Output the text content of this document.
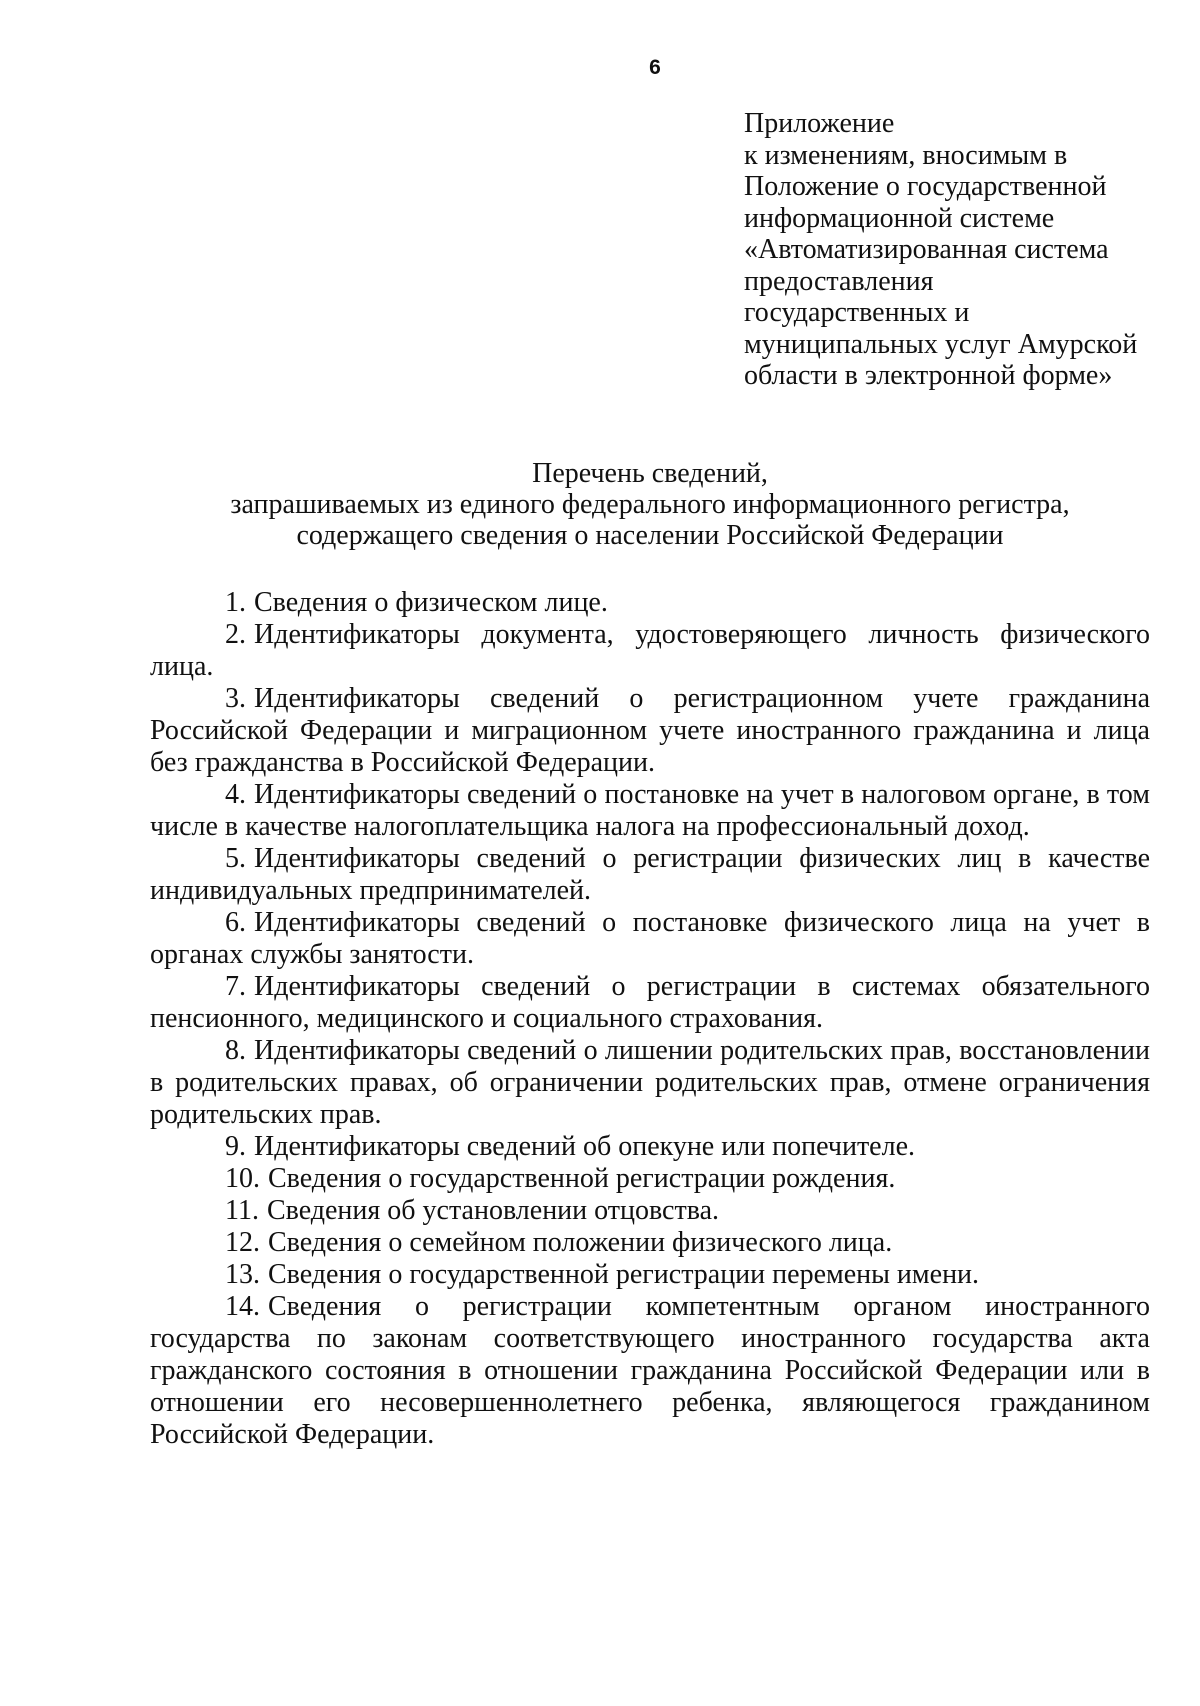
6
Приложение
к изменениям, вносимым в
Положение о государственной
информационной системе
«Автоматизированная система
предоставления
государственных и
муниципальных услуг Амурской
области в электронной форме»
Перечень сведений,
запрашиваемых из единого федерального информационного регистра,
содержащего сведения о населении Российской Федерации

1. Сведения о физическом лице.

2. Идентификаторы документа, удостоверяющего личность физического лица.

3. Идентификаторы сведений о регистрационном учете гражданина Российской Федерации и миграционном учете иностранного гражданина и лица без гражданства в Российской Федерации.

4. Идентификаторы сведений о постановке на учет в налоговом органе, в том числе в качестве налогоплательщика налога на профессиональный доход.

5. Идентификаторы сведений о регистрации физических лиц в качестве индивидуальных предпринимателей.

6. Идентификаторы сведений о постановке физического лица на учет в органах службы занятости.

7. Идентификаторы сведений о регистрации в системах обязательного пенсионного, медицинского и социального страхования.

8. Идентификаторы сведений о лишении родительских прав, восстановлении в родительских правах, об ограничении родительских прав, отмене ограничения родительских прав.

9. Идентификаторы сведений об опекуне или попечителе.

10. Сведения о государственной регистрации рождения.

11. Сведения об установлении отцовства.

12. Сведения о семейном положении физического лица.

13. Сведения о государственной регистрации перемены имени.

14. Сведения о регистрации компетентным органом иностранного государства по законам соответствующего иностранного государства акта гражданского состояния в отношении гражданина Российской Федерации или в отношении его несовершеннолетнего ребенка, являющегося гражданином Российской Федерации.
